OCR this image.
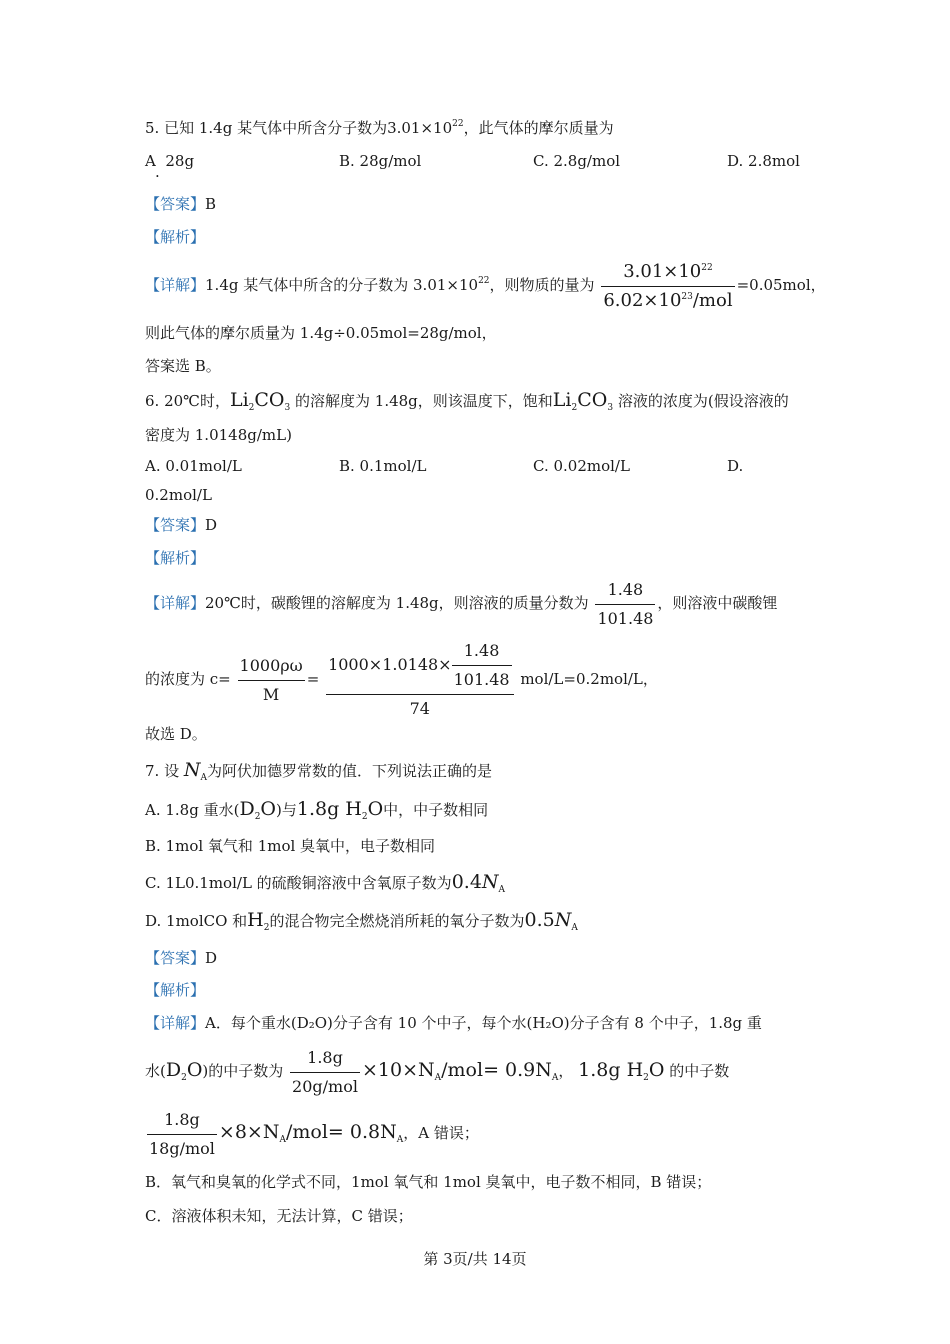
5. 已知 1.4g 某气体中所含分子数为$3.01\times 10^{22}$，此气体的摩尔质量为
A 28g
.
B. 28g/mol	C. 2.8g/mol	D. 2.8mol
【答案】B
【解析】
【详解】1.4g 某气体中所含的分子数为 $3.01\times 10^{22}$，则物质的量为 $\frac{3.01\times 10^{22}}{6.02\times 10^{23}/mol} =0.05mol$，
则此气体的摩尔质量为 1.4g÷0.05mol=28g/mol，
答案选 B。
6. 20℃时，$Li_2CO_3$ 的溶解度为 1.48g，则该温度下，饱和$Li_2CO_3$ 溶液的浓度为(假设溶液的
密度为 1.0148g/mL)
A. 0.01mol/L	B. 0.1mol/L	C. 0.02mol/L	D.
0.2mol/L
【答案】D
【解析】
【详解】20℃时，碳酸锂的溶解度为 1.48g，则溶液的质量分数为 $\frac{1.48}{101.48}$ ，则溶液中碳酸锂
的浓度为 $c= \frac{1000\rho\omega}{M} = \frac{1000\times 1.0148\times \frac{1.48}{101.48}}{74} mol/L=0.2mol/L$，
故选 D。
7. 设 $N_A$为阿伏加德罗常数的值．下列说法正确的是
A. 1.8g 重水$(D_2O)$与1.8g $H_2O$中，中子数相同
B. 1mol 氧气和 1mol 臭氧中，电子数相同
C. 1L0.1mol/L 的硫酸铜溶液中含氧原子数为$0.4N_A$
D. 1molCO 和$H_2$的混合物完全燃烧消所耗的氧分子数为$0.5N_A$
【答案】D
【解析】
【详解】A．每个重水(D₂O)分子含有 10 个中子，每个水(H₂O)分子含有 8 个中子，1.8g 重
水$(D_2O)$的中子数为 $\frac{1.8g}{\text{20g/mol}} \times 10\times N_A/mol= 0.9N_A$， 1.8g $H_2O$ 的中子数
$\frac{1.8g}{\text{18g/mol}} \times 8\times N_A/mol= 0.8N_A$，A 错误；
B．氧气和臭氧的化学式不同，1mol 氧气和 1mol 臭氧中，电子数不相同，B 错误；
C．溶液体积未知，无法计算，C 错误；
第 3页/共 14页
